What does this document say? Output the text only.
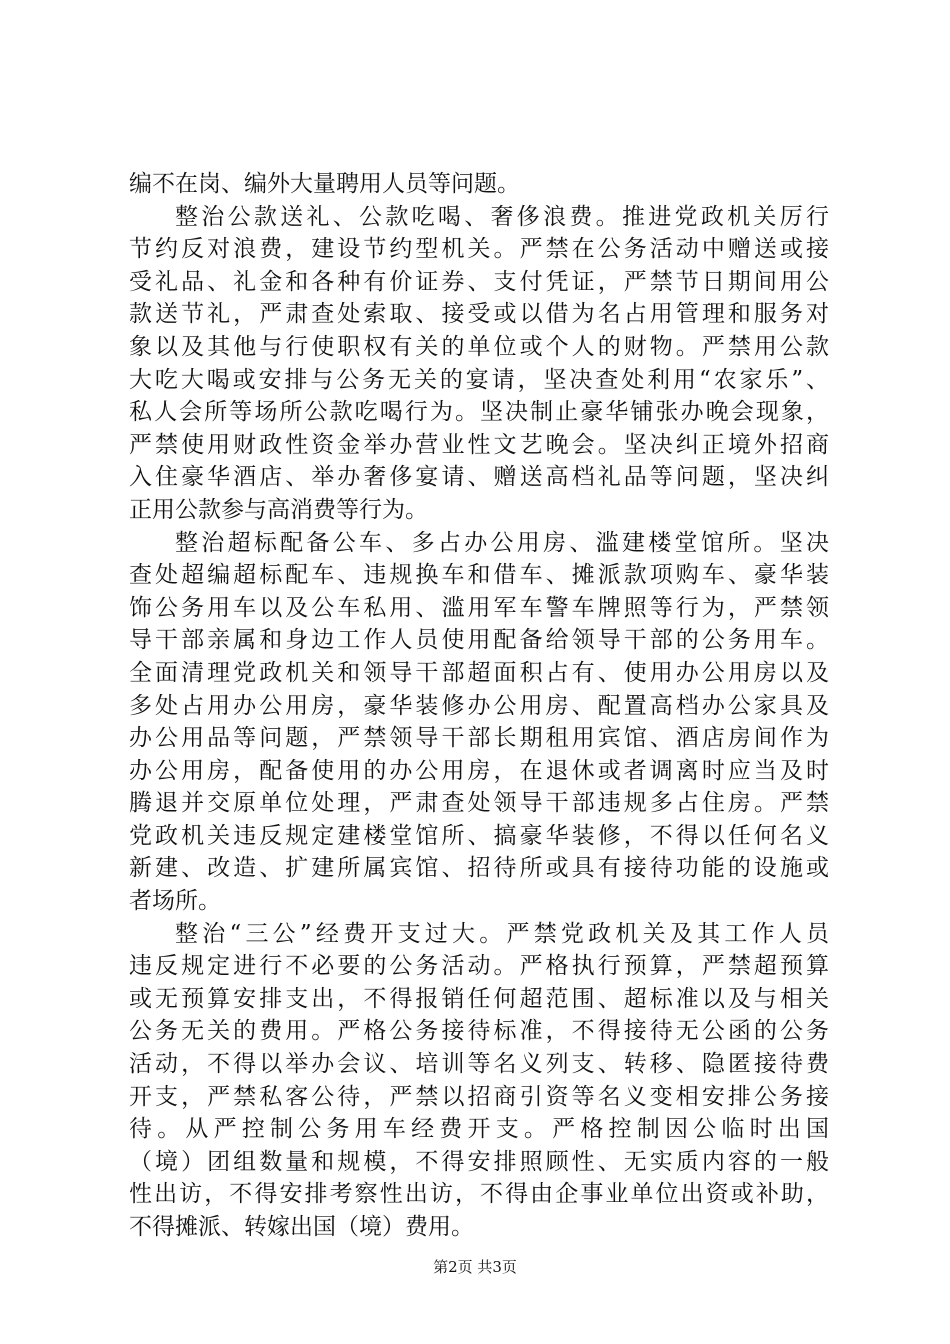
编不在岗、编外大量聘用人员等问题。
整治公款送礼、公款吃喝、奢侈浪费。推进党政机关厉行
节约反对浪费，建设节约型机关。严禁在公务活动中赠送或接
受礼品、礼金和各种有价证券、支付凭证，严禁节日期间用公
款送节礼，严肃查处索取、接受或以借为名占用管理和服务对
象以及其他与行使职权有关的单位或个人的财物。严禁用公款
大吃大喝或安排与公务无关的宴请，坚决查处利用“农家乐”、
私人会所等场所公款吃喝行为。坚决制止豪华铺张办晚会现象，
严禁使用财政性资金举办营业性文艺晚会。坚决纠正境外招商
入住豪华酒店、举办奢侈宴请、赠送高档礼品等问题，坚决纠
正用公款参与高消费等行为。
整治超标配备公车、多占办公用房、滥建楼堂馆所。坚决
查处超编超标配车、违规换车和借车、摊派款项购车、豪华装
饰公务用车以及公车私用、滥用军车警车牌照等行为，严禁领
导干部亲属和身边工作人员使用配备给领导干部的公务用车。
全面清理党政机关和领导干部超面积占有、使用办公用房以及
多处占用办公用房，豪华装修办公用房、配置高档办公家具及
办公用品等问题，严禁领导干部长期租用宾馆、酒店房间作为
办公用房，配备使用的办公用房，在退休或者调离时应当及时
腾退并交原单位处理，严肃查处领导干部违规多占住房。严禁
党政机关违反规定建楼堂馆所、搞豪华装修，不得以任何名义
新建、改造、扩建所属宾馆、招待所或具有接待功能的设施或
者场所。
整治“三公”经费开支过大。严禁党政机关及其工作人员
违反规定进行不必要的公务活动。严格执行预算，严禁超预算
或无预算安排支出，不得报销任何超范围、超标准以及与相关
公务无关的费用。严格公务接待标准，不得接待无公函的公务
活动，不得以举办会议、培训等名义列支、转移、隐匿接待费
开支，严禁私客公待，严禁以招商引资等名义变相安排公务接
待。从严控制公务用车经费开支。严格控制因公临时出国
（境）团组数量和规模，不得安排照顾性、无实质内容的一般
性出访，不得安排考察性出访，不得由企事业单位出资或补助，
不得摊派、转嫁出国（境）费用。
第2页 共3页
